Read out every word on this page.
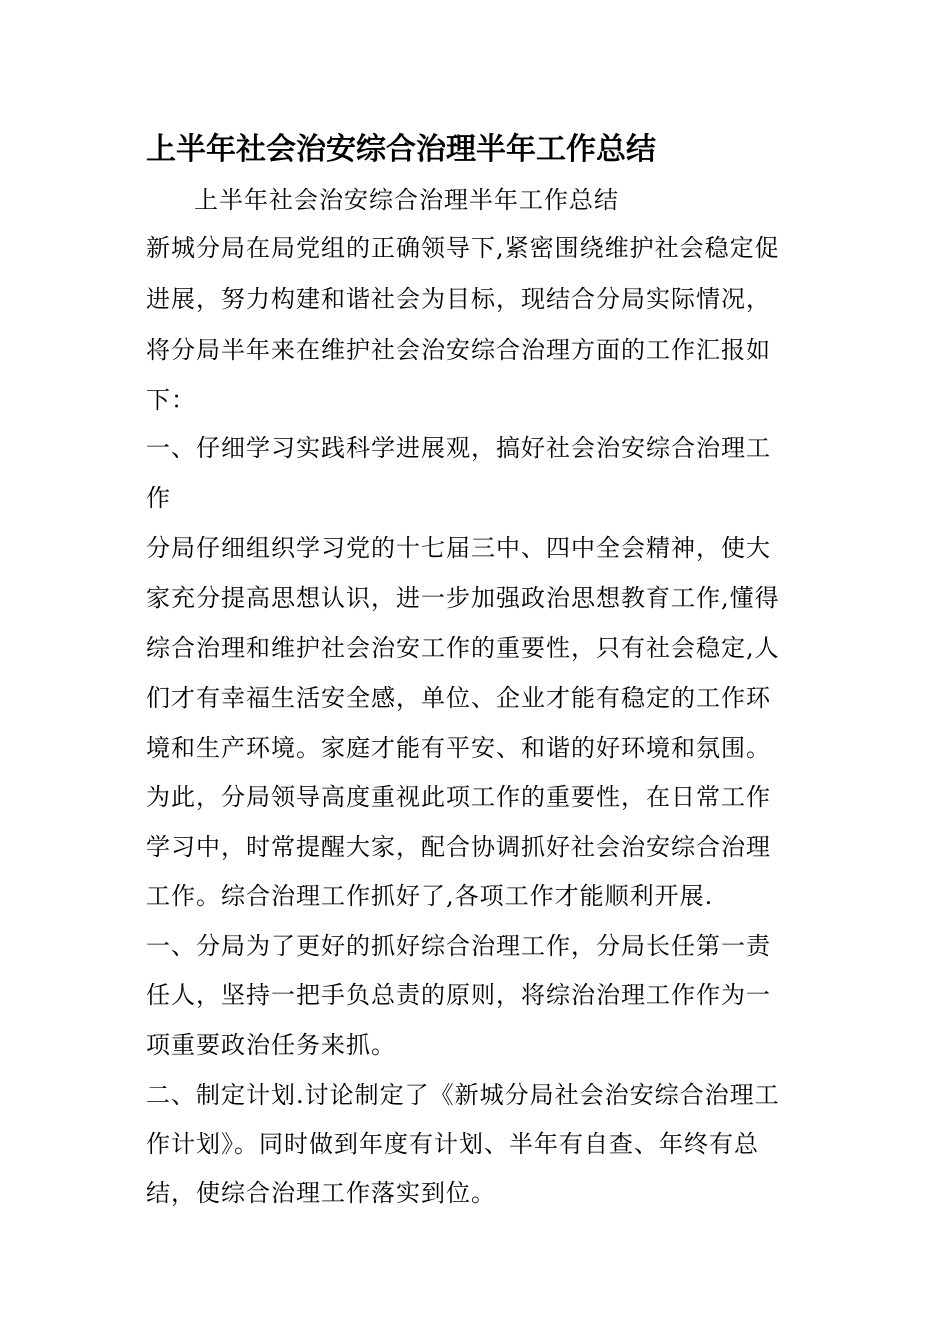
上半年社会治安综合治理半年工作总结
上半年社会治安综合治理半年工作总结
新城分局在局党组的正确领导下,紧密围绕维护社会稳定促
进展，努力构建和谐社会为目标，现结合分局实际情况，
将分局半年来在维护社会治安综合治理方面的工作汇报如
下：
一、仔细学习实践科学进展观，搞好社会治安综合治理工
作
分局仔细组织学习党的十七届三中、四中全会精神，使大
家充分提高思想认识，进一步加强政治思想教育工作,懂得
综合治理和维护社会治安工作的重要性，只有社会稳定,人
们才有幸福生活安全感，单位、企业才能有稳定的工作环
境和生产环境。家庭才能有平安、和谐的好环境和氛围。
为此，分局领导高度重视此项工作的重要性，在日常工作
学习中，时常提醒大家，配合协调抓好社会治安综合治理
工作。综合治理工作抓好了,各项工作才能顺利开展.
一、分局为了更好的抓好综合治理工作，分局长任第一责
任人，坚持一把手负总责的原则，将综治治理工作作为一
项重要政治任务来抓。
二、制定计划.讨论制定了《新城分局社会治安综合治理工
作计划》。同时做到年度有计划、半年有自查、年终有总
结，使综合治理工作落实到位。
